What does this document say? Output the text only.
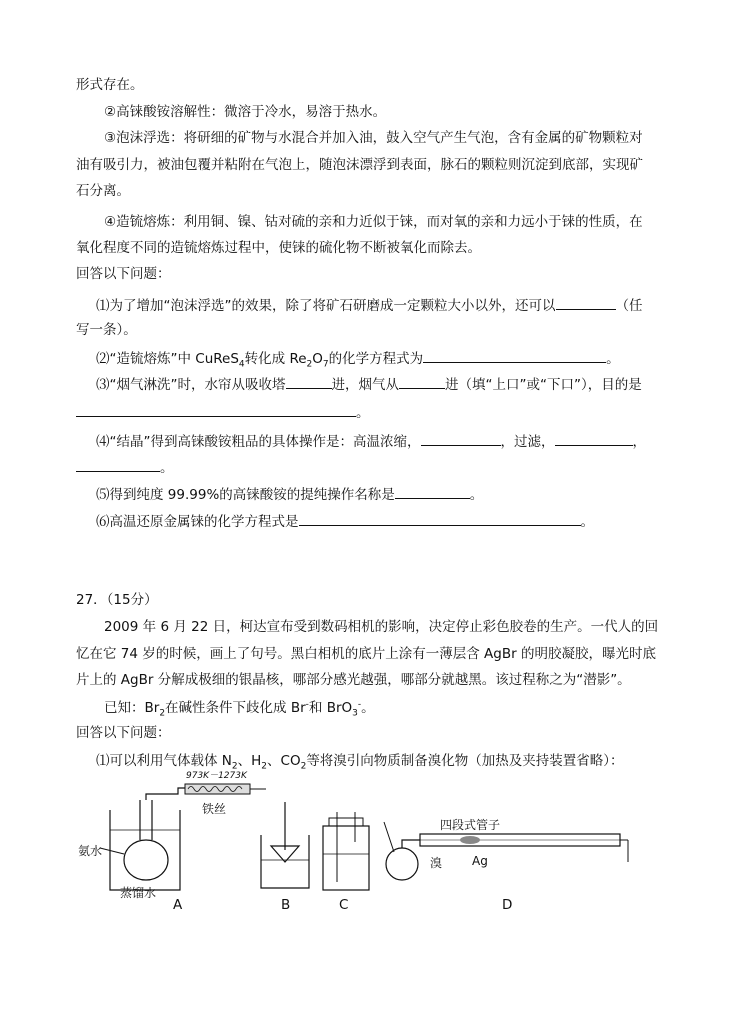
形式存在。
②高铼酸铵溶解性：微溶于冷水，易溶于热水。
③泡沫浮选：将研细的矿物与水混合并加入油，鼓入空气产生气泡，含有金属的矿物颗粒对
油有吸引力，被油包覆并粘附在气泡上，随泡沫漂浮到表面，脉石的颗粒则沉淀到底部，实现矿
石分离。
④造锍熔炼：利用铜、镍、钴对硫的亲和力近似于铼，而对氧的亲和力远小于铼的性质，在
氧化程度不同的造锍熔炼过程中，使铼的硫化物不断被氧化而除去。
回答以下问题：
⑴为了增加“泡沫浮选”的效果，除了将矿石研磨成一定颗粒大小以外，还可以	（任
写一条）。
⑵“造锍熔炼”中 CuReS$_4$转化成 $Re_2O_7$的化学方程式为	。
⑶“烟气淋洗”时，水帘从吸收塔	进，烟气从	进（填“上口”或“下口”），目的是
。
⑷“结晶”得到高铼酸铵粗品的具体操作是：高温浓缩，	，过滤，	，
。
⑸得到纯度 99.99%的高铼酸铵的提纯操作名称是	。
⑹高温还原金属铼的化学方程式是	。
27．（15分）
2009 年 6 月 22 日，柯达宣布受到数码相机的影响，决定停止彩色胶卷的生产。一代人的回
忆在它 74 岁的时候，画上了句号。黑白相机的底片上涂有一薄层含 AgBr 的明胶凝胶，曝光时底
片上的 AgBr 分解成极细的银晶核，哪部分感光越强，哪部分就越黑。该过程称之为“潜影”。
已知：$Br_2$在碱性条件下歧化成 Br-和 BrO$_3$-。
回答以下问题：
⑴可以利用气体载体 $N_2$、$H_2$、$CO_2$等将溴引向物质制备溴化物（加热及夹持装置省略）：
973K－1273K
铁丝
氨水
蒸馏水
四段式管子
溴 Ag
A	B	C	D
